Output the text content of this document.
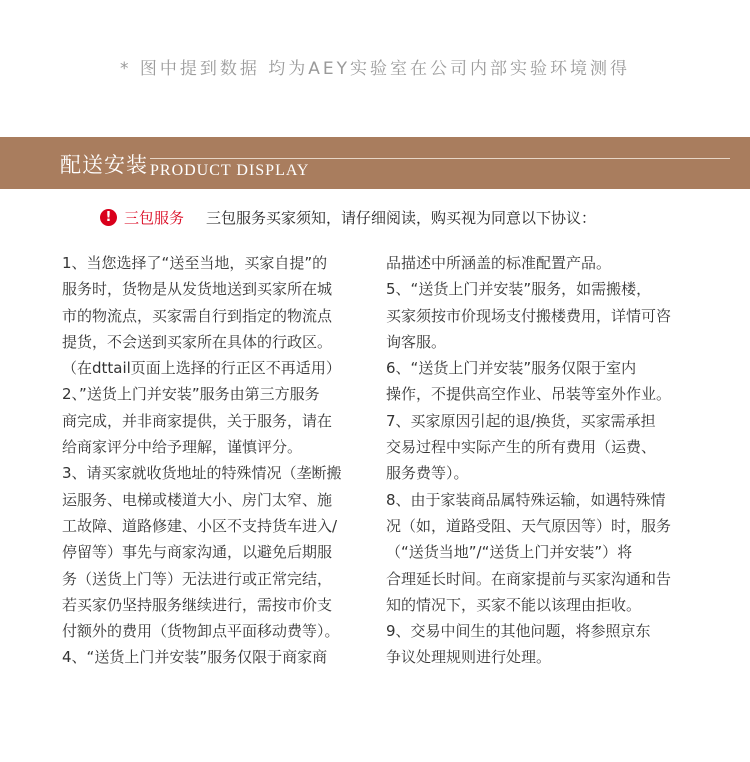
* 图中提到数据 均为AEY实验室在公司内部实验环境测得
配送安装 PRODUCT DISPLAY
! 三包服务 三包服务买家须知，请仔细阅读，购买视为同意以下协议：
1、当您选择了“送至当地，买家自提”的
服务时，货物是从发货地送到买家所在城
市的物流点，买家需自行到指定的物流点
提货，不会送到买家所在具体的行政区。
（在dttail页面上选择的行正区不再适用）
2、”送货上门并安装”服务由第三方服务
商完成，并非商家提供，关于服务，请在
给商家评分中给予理解，谨慎评分。
3、请买家就收货地址的特殊情况（垄断搬
运服务、电梯或楼道大小、房门太窄、施
工故障、道路修建、小区不支持货车进入/
停留等）事先与商家沟通，以避免后期服
务（送货上门等）无法进行或正常完结，
若买家仍坚持服务继续进行，需按市价支
付额外的费用（货物卸点平面移动费等）。
4、“送货上门并安装”服务仅限于商家商
品描述中所涵盖的标准配置产品。
5、“送货上门并安装”服务，如需搬楼，
买家须按市价现场支付搬楼费用，详情可咨
询客服。
6、“送货上门并安装”服务仅限于室内
操作，不提供高空作业、吊装等室外作业。
7、买家原因引起的退/换货，买家需承担
交易过程中实际产生的所有费用（运费、
服务费等）。
8、由于家装商品属特殊运输，如遇特殊情
况（如，道路受阻、天气原因等）时，服务
（“送货当地”/“送货上门并安装”）将
合理延长时间。在商家提前与买家沟通和告
知的情况下，买家不能以该理由拒收。
9、交易中间生的其他问题，将参照京东
争议处理规则进行处理。
